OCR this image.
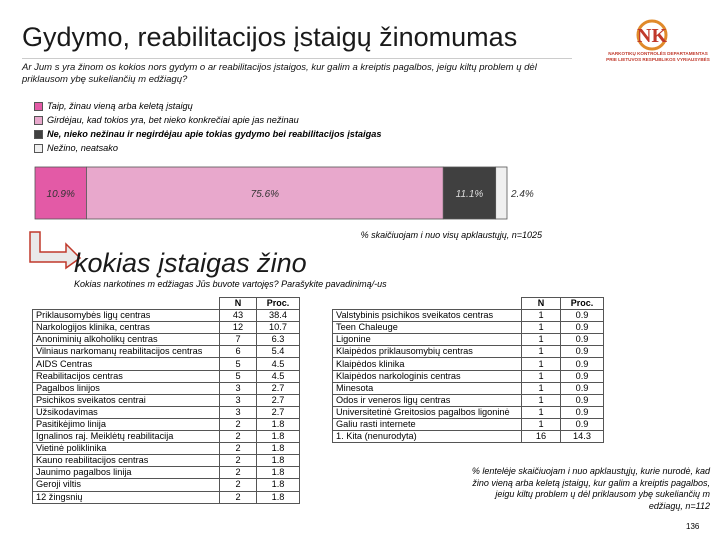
Gydymo, reabilitacijos įstaigų žinomumas	NK
NARKOTIKŲ KONTROLĖS DEPARTAMENTAS
PRIE LIETUVOS RESPUBLIKOS VYRIAUSYBĖS
Ar Jum s yra žinom os kokios nors gydym o ar reabilitacijos įstaigos, kur galim a kreiptis pagalbos, jeigu kiltų problem ų dėl priklausom ybę sukeliančių m edžiagų?
Taip, žinau vieną arba keletą įstaigų
Girdėjau, kad tokios yra, bet nieko konkrečiai apie jas nežinau
Ne, nieko nežinau ir negirdėjau apie tokias gydymo bei reabilitacijos įstaigas
Nežino, neatsako
10.9%	75.6%	11.1%	2.4%
% skaičiuojam i nuo visų apklaustųjų, n=1025
kokias įstaigas žino
Kokias narkotines m edžiagas Jūs buvote vartojęs? Parašykite pavadinimą/-us
	N	Proc.
Priklausomybės ligų centras	43	38.4
Narkologijos klinika, centras	12	10.7
Anoniminių alkoholikų centras	7	6.3
Vilniaus narkomanų reabilitacijos centras	6	5.4
AIDS Centras	5	4.5
Reabilitacijos centras	5	4.5
Pagalbos linijos	3	2.7
Psichikos sveikatos centrai	3	2.7
Užsikodavimas	3	2.7
Pasitikėjimo linija	2	1.8
Ignalinos raj. Meiklėtų reabilitacija	2	1.8
Vietinė poliklinika	2	1.8
Kauno reabilitacijos centras	2	1.8
Jaunimo pagalbos linija	2	1.8
Geroji viltis	2	1.8
12 žingsnių	2	1.8
	N	Proc.
Valstybinis psichikos sveikatos centras	1	0.9
Teen Chaleuge	1	0.9
Ligonine	1	0.9
Klaipėdos priklausomybių centras	1	0.9
Klaipėdos klinika	1	0.9
Klaipėdos narkologinis centras	1	0.9
Minesota	1	0.9
Odos ir veneros ligų centras	1	0.9
Universitetinė Greitosios pagalbos ligoninė	1	0.9
Galiu rasti internete	1	0.9
1. Kita (nenurodyta)	16	14.3
% lentelėje skaičiuojam i nuo apklaustųjų, kurie nurodė, kad žino vieną arba keletą įstaigų, kur galim a kreiptis pagalbos, jeigu kiltų problem ų dėl priklausom ybę sukeliančių m edžiagų, n=112
136
